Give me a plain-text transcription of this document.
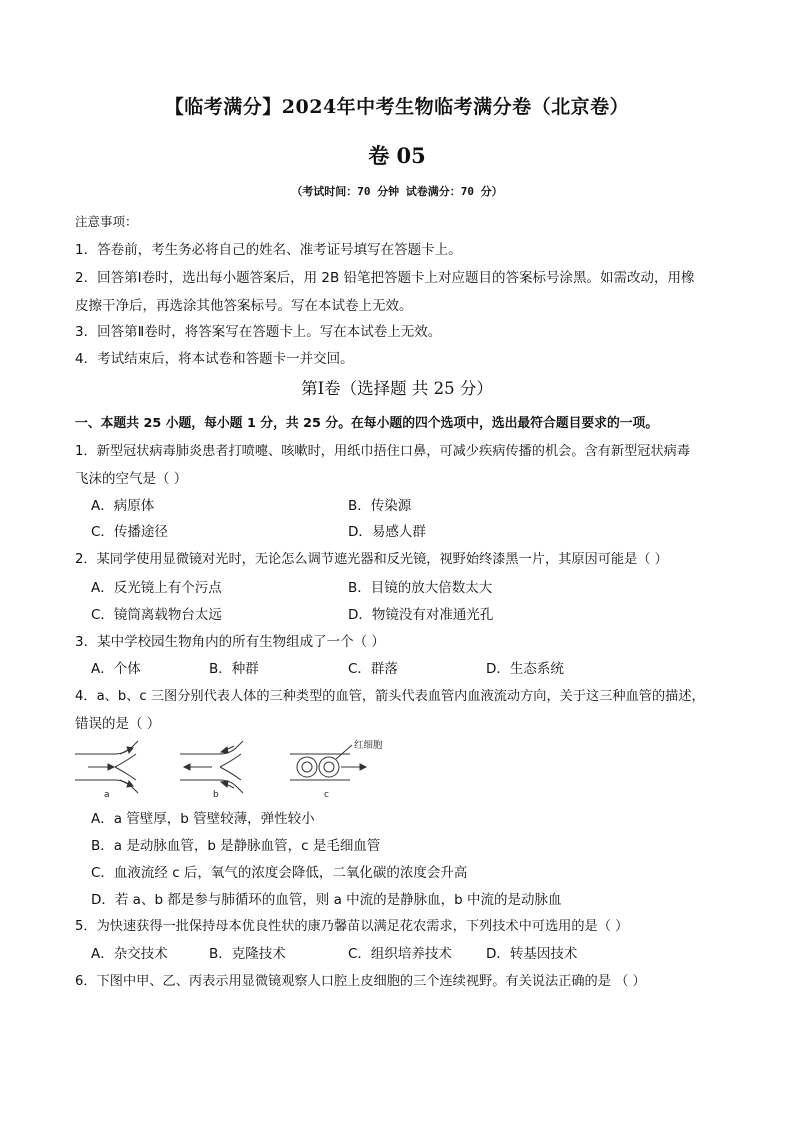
【临考满分】2024年中考生物临考满分卷（北京卷）
卷 05
（考试时间：70 分钟 试卷满分：70 分）
注意事项：
1．答卷前，考生务必将自己的姓名、准考证号填写在答题卡上。
2．回答第Ⅰ卷时，选出每小题答案后，用 2B 铅笔把答题卡上对应题目的答案标号涂黑。如需改动，用橡
皮擦干净后，再选涂其他答案标号。写在本试卷上无效。
3．回答第Ⅱ卷时，将答案写在答题卡上。写在本试卷上无效。
4．考试结束后，将本试卷和答题卡一并交回。
第Ⅰ卷（选择题 共 25 分）
一、本题共 25 小题，每小题 1 分，共 25 分。在每小题的四个选项中，选出最符合题目要求的一项。
1．新型冠状病毒肺炎患者打喷嚏、咳嗽时，用纸巾捂住口鼻，可减少疾病传播的机会。含有新型冠状病毒
飞沫的空气是（ ）
A．病原体	B．传染源
C．传播途径	D．易感人群
2．某同学使用显微镜对光时，无论怎么调节遮光器和反光镜，视野始终漆黑一片，其原因可能是（ ）
A．反光镜上有个污点	B．目镜的放大倍数太大
C．镜筒离载物台太远	D．物镜没有对准通光孔
3．某中学校园生物角内的所有生物组成了一个（ ）
A．个体	B．种群	C．群落	D．生态系统
4．a、b、c 三图分别代表人体的三种类型的血管，箭头代表血管内血液流动方向，关于这三种血管的描述，
错误的是（ ）
a	b
红细胞
c
A．a 管壁厚，b 管壁较薄，弹性较小
B．a 是动脉血管，b 是静脉血管，c 是毛细血管
C．血液流经 c 后，氧气的浓度会降低，二氧化碳的浓度会升高
D．若 a、b 都是参与肺循环的血管，则 a 中流的是静脉血，b 中流的是动脉血
5．为快速获得一批保持母本优良性状的康乃馨苗以满足花农需求，下列技术中可选用的是（ ）
A．杂交技术	B．克隆技术	C．组织培养技术	D．转基因技术
6．下图中甲、乙、丙表示用显微镜观察人口腔上皮细胞的三个连续视野。有关说法正确的是 （ ）
